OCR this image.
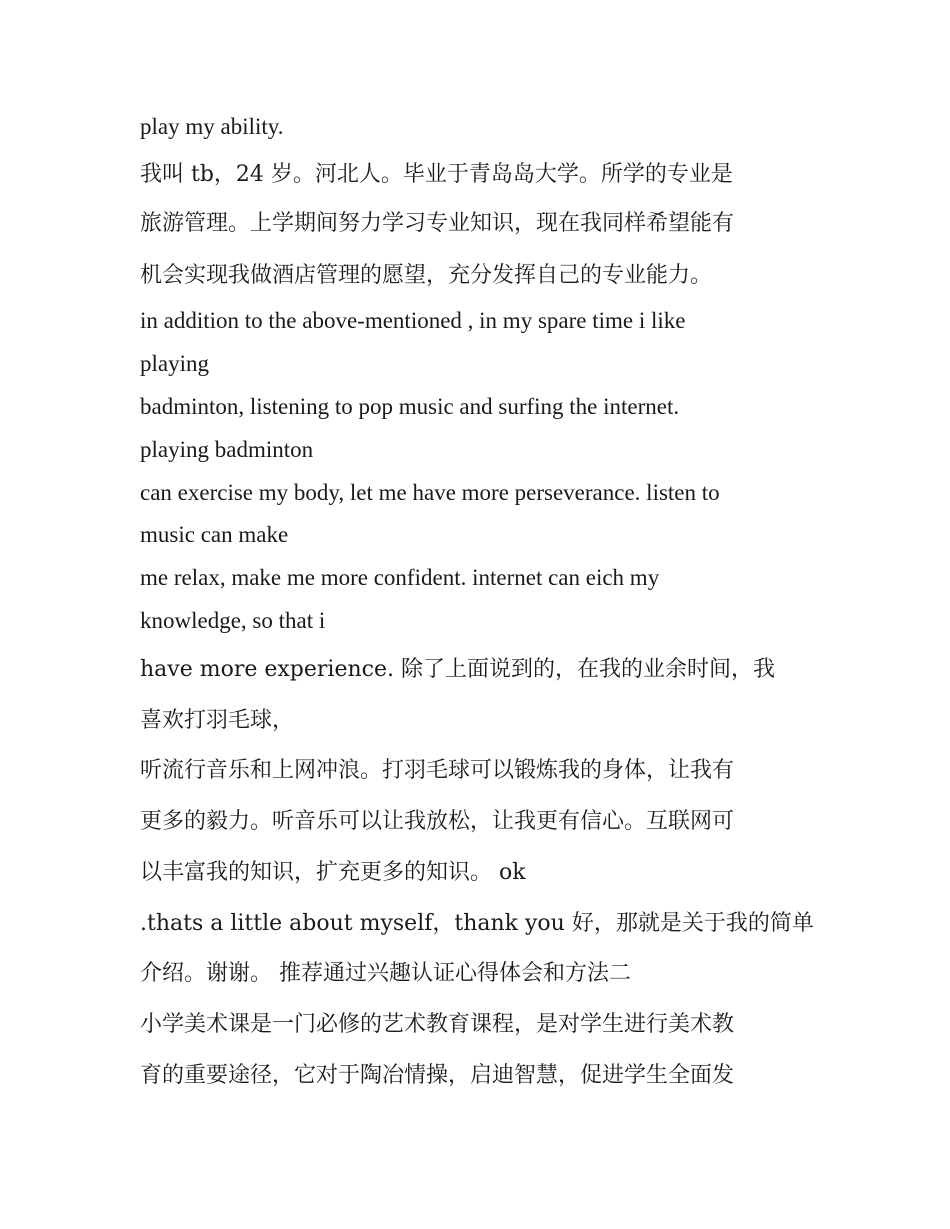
play my ability.

我叫 tb，24 岁。河北人。毕业于青岛岛大学。所学的专业是

旅游管理。上学期间努力学习专业知识，现在我同样希望能有

机会实现我做酒店管理的愿望，充分发挥自己的专业能力。

in addition to the above-mentioned , in my spare time i like

playing

badminton, listening to pop music and surfing the internet.

playing badminton

can exercise my body, let me have more perseverance. listen to

music can make

me relax, make me more confident. internet can eich my

knowledge, so that i

have more experience. 除了上面说到的，在我的业余时间，我

喜欢打羽毛球，

听流行音乐和上网冲浪。打羽毛球可以锻炼我的身体，让我有

更多的毅力。听音乐可以让我放松，让我更有信心。互联网可

以丰富我的知识，扩充更多的知识。 ok

.thats a little about myself，thank you 好，那就是关于我的简单

介绍。谢谢。 推荐通过兴趣认证心得体会和方法二

小学美术课是一门必修的艺术教育课程，是对学生进行美术教

育的重要途径，它对于陶冶情操，启迪智慧，促进学生全面发
